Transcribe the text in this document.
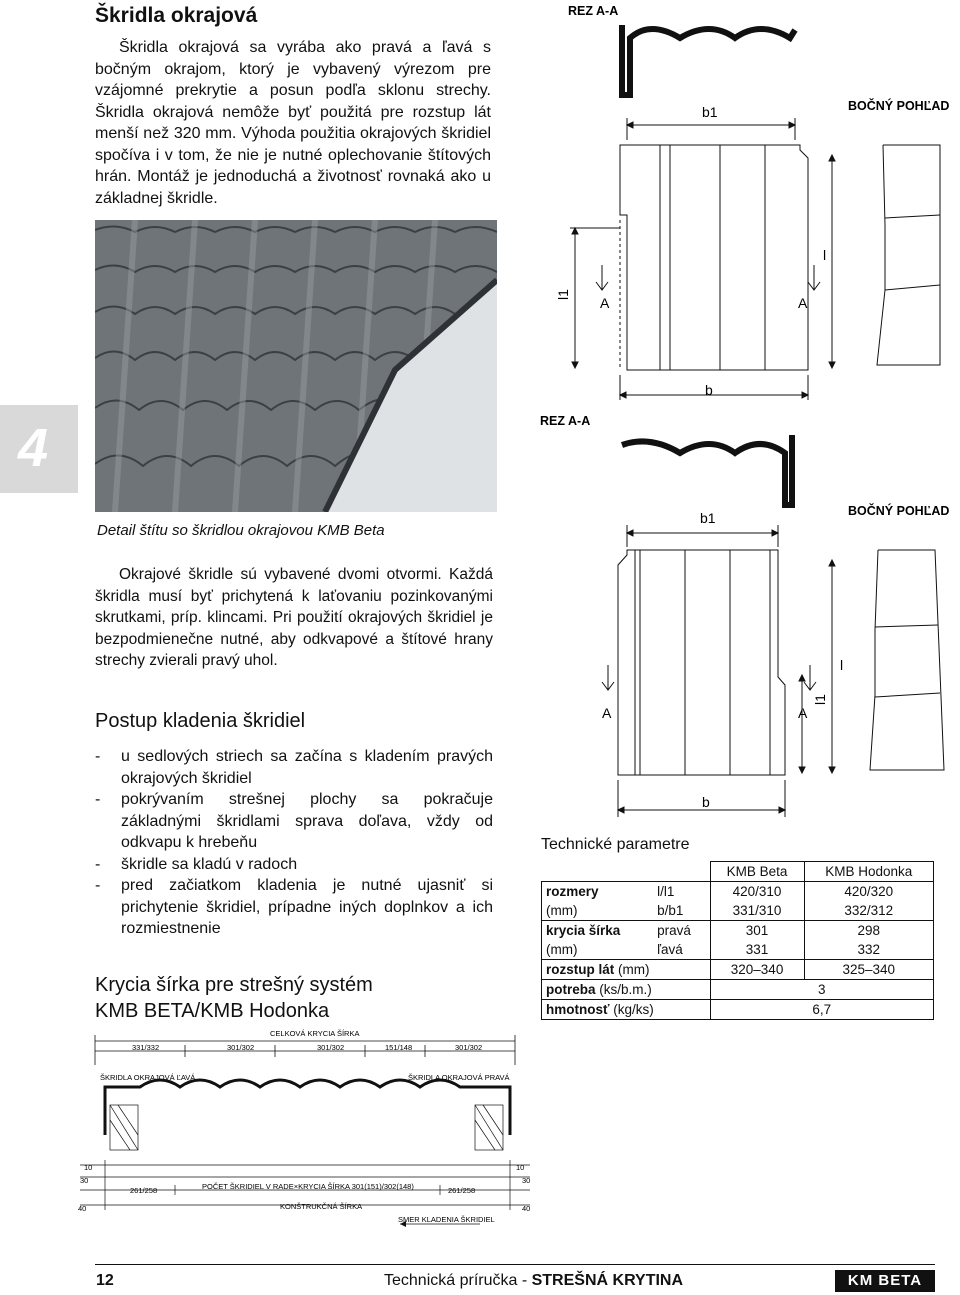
Škridla okrajová
Škridla okrajová sa vyrába ako pravá a ľavá s bočným okrajom, ktorý je vybavený výrezom pre vzájomné prekrytie a posun podľa sklonu strechy. Škridla okrajová nemôže byť použitá pre rozstup lát menší než 320 mm. Výhoda použitia okrajových škridiel spočíva i v tom, že nie je nutné oplechovanie štítových hrán. Montáž je jednoduchá a životnosť rovnaká ako u základnej škridle.
4
Detail štítu so škridlou okrajovou KMB Beta
Okrajové škridle sú vybavené dvomi otvormi. Každá škridla musí byť prichytená k laťovaniu pozinkovanými skrutkami, príp. klincami. Pri použití okrajových škridiel je bezpodmienečne nutné, aby odkvapové a štítové hrany strechy zvierali pravý uhol.
Postup kladenia škridiel
- u sedlových striech sa začína s kladením pravých okrajových škridiel
- pokrývaním strešnej plochy sa pokračuje základnými škridlami sprava doľava, vždy od odkvapu k hrebeňu
- škridle sa kladú v radoch
- pred začiatkom kladenia je nutné ujasniť si prichytenie škridiel, prípadne iných doplnkov a ich rozmiestnenie
Krycia šírka pre strešný systém
KMB BETA/KMB Hodonka
CELKOVÁ KRYCIA ŠÍRKA
331/332	301/302	301/302	151/148	301/302
ŠKRIDLA OKRAJOVÁ ĽAVÁ	ŠKRIDLA OKRAJOVÁ PRAVÁ
10
30
40
10
30
40
261/258	261/258
POČET ŠKRIDIEL V RADE×KRYCIA ŠÍRKA 301(151)/302(148)
KONŠTRUKČNÁ ŠÍRKA
SMER KLADENIA ŠKRIDIEL
REZ A-A
b1	BOČNÝ POHĽAD
b
l
l1
A	A
REZ A-A
b1	BOČNÝ POHĽAD
b
l
l1
A	A
Technické parametre
		KMB Beta	KMB Hodonka
rozmery	l/l1	420/310	420/320
(mm)	b/b1	331/310	332/312
krycia šírka	pravá	301	298
(mm)	ľavá	331	332
rozstup lát (mm)		320–340	325–340
potreba (ks/b.m.)		3	
hmotnosť (kg/ks)		6,7	
12	Technická príručka - STREŠNÁ KRYTINA	KM BETA
